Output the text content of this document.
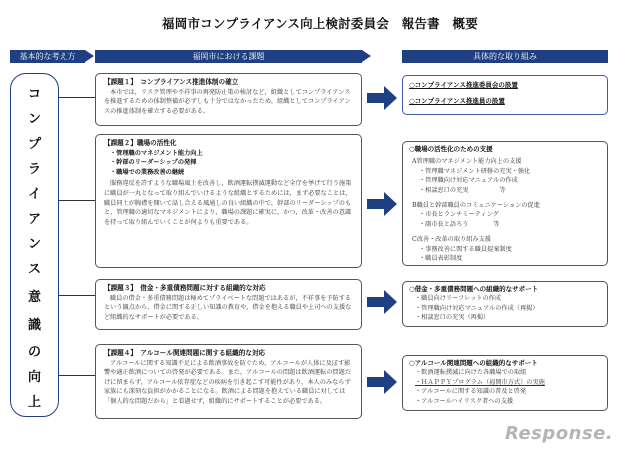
福岡市コンプライアンス向上検討委員会　報告書　概要
基本的な考え方	福岡市における課題	具体的な取り組み
コ
ン
プ
ラ
イ
ア
ン
ス
意
識
の
向
上
【課題１】　コンプライアンス推進体制の確立
本市では，リスク管理や不祥事の再発防止策の検討など，組織としてコンプライアンスを推進するための体制整備が必ずしも十分ではなかったため，組織としてコンプライアンスの推進体制を確立する必要がある。
【課題２】職場の活性化
・管理職のマネジメント能力向上
・幹部のリーダーシップの発揮
・職場での業務改善の継続
服務違反を許すような職場風土を改善し，飲酒運転撲滅運動など全庁を挙げて行う施策に職員が一丸となって取り組んでいけるような組織とするためには，まず必要なことは，職員同士が胸襟を開いて話し合える風通しの良い組織の中で，幹部のリーダーシップのもと，管理職の適切なマネジメントにより，職場の課題に確実に，かつ，改革・改善の意識を持って取り組んでいくことが何よりも重要である。
【課題３】　借金・多重債務問題に対する組織的な対応
職員の借金・多重債務問題は極めてプライベートな問題ではあるが，不祥事を予防するという観点から，借金に関する正しい知識の教育や，借金を抱える職員や上司への支援など組織的なサポートが必要である。
【課題４】　アルコール関連問題に関する組織的な対応
アルコールに関する知識不足による飲酒事故を防ぐため，アルコールが人体に及ぼす影響や適正飲酒についての啓発が必要である。また，アルコールの問題は飲酒運転の問題だけに留まらず，アルコール依存症などの疾病を引き起こす可能性があり，本人のみならず家族にも深刻な負担がかかることになる。飲酒による問題を抱えている職員に対しては「個人的な問題だから」と看過せず，組織的にサポートすることが必要である。
○コンプライアンス推進委員会の設置
○コンプライアンス推進員の設置
○職場の活性化のための支援
A管理職のマネジメント能力向上の支援
・管理職マネジメント研修の充実・強化
・管理職向け対応マニュアルの作成
・相談窓口の充実　　　　　等
B職員と幹部職員のコミュニケーションの促進
・市長とランチミーティング
・副市長と語ろう　　　　等
C改善・改革の取り組み支援
・事務改善に関する職員提案制度
・職員表彰制度
○借金・多重債務問題への組織的なサポート
・職員向けリーフレットの作成
・管理職向け対応マニュアルの作成（再掲）
・相談窓口の充実（再掲）
○アルコール関連問題への組織的なサポート
・飲酒運転撲滅に向けた各職場での取組
・ＨＡＰＰＹプログラム（福岡市方式）の実施
・アルコールに関する知識の普及と啓発
・アルコールハイリスク者への支援
Response.
